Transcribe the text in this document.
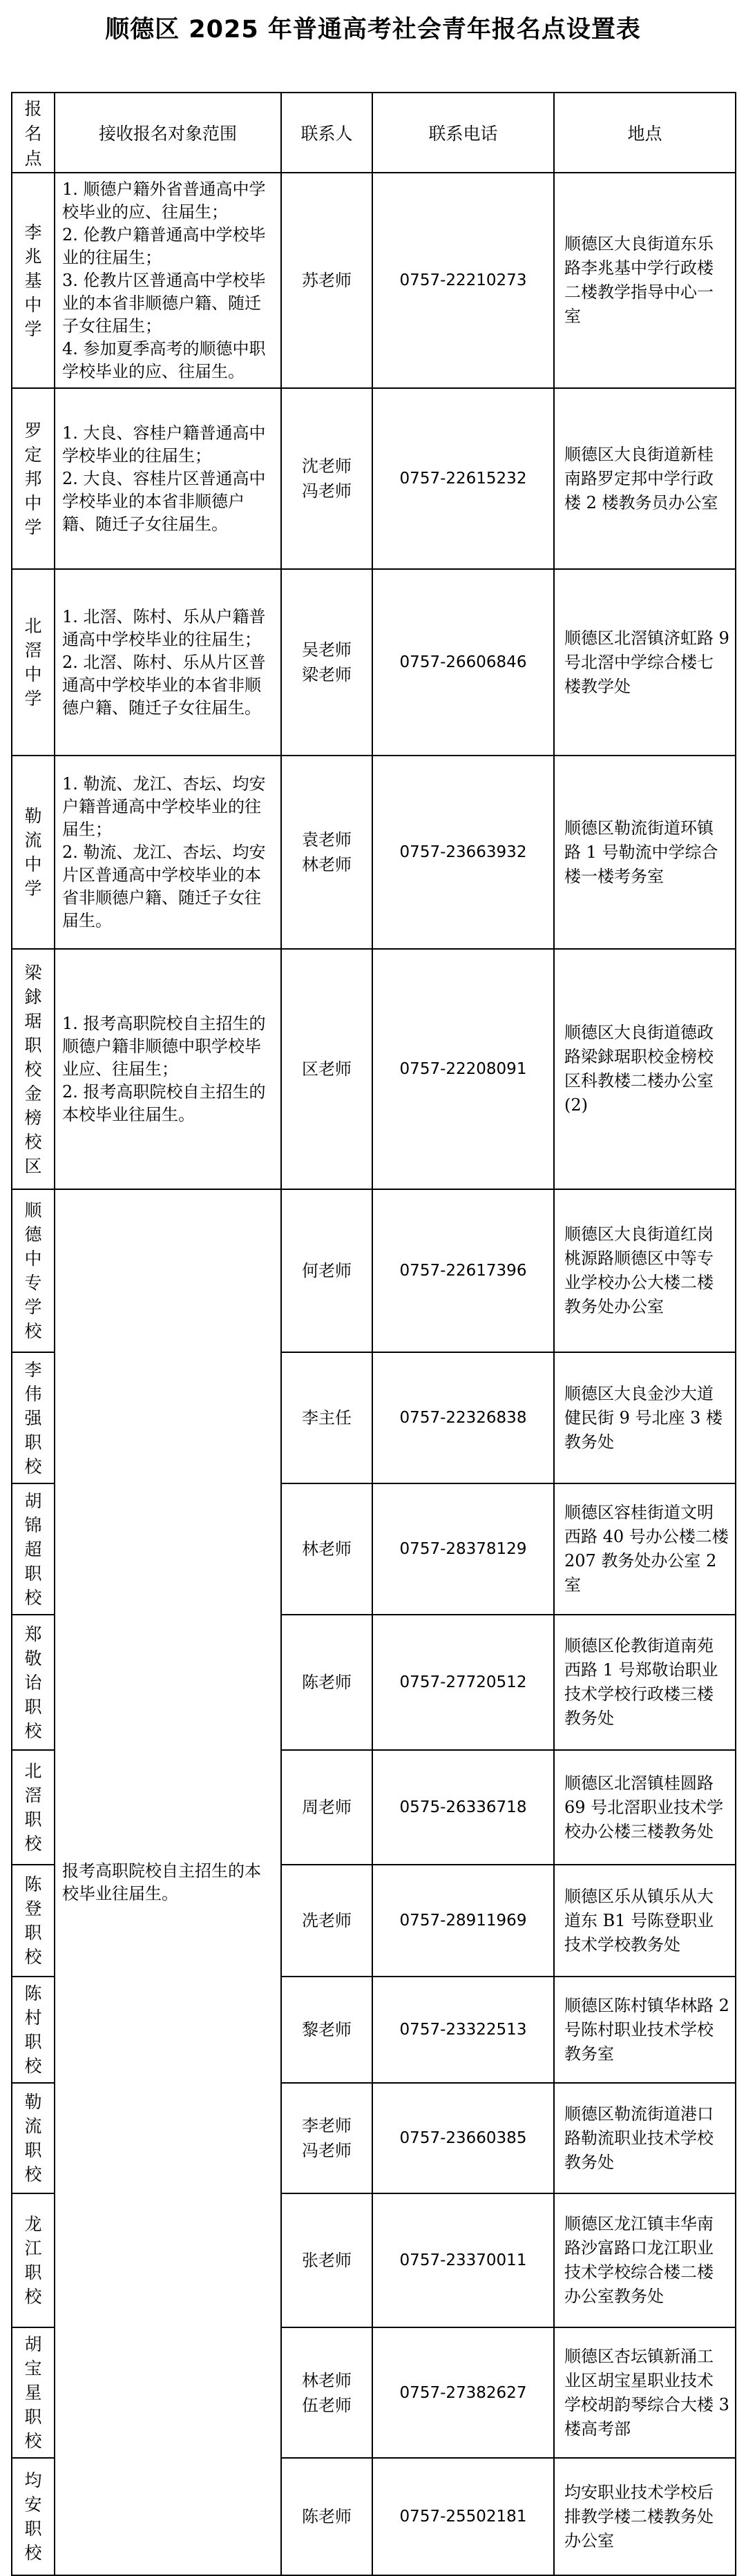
顺德区 2025 年普通高考社会青年报名点设置表
报名点	接收报名对象范围	联系人	联系电话	地点

李兆基中学	1. 顺德户籍外省普通高中学校毕业的应、往届生；
2. 伦教户籍普通高中学校毕业的往届生；
3. 伦教片区普通高中学校毕业的本省非顺德户籍、随迁子女往届生；
4. 参加夏季高考的顺德中职学校毕业的应、往届生。	苏老师	0757-22210273	顺德区大良街道东乐路李兆基中学行政楼二楼教学指导中心一室

罗定邦中学	1. 大良、容桂户籍普通高中学校毕业的往届生；
2. 大良、容桂片区普通高中学校毕业的本省非顺德户籍、随迁子女往届生。	沈老师
冯老师	0757-22615232	顺德区大良街道新桂南路罗定邦中学行政楼 2 楼教务员办公室

北滘中学	1. 北滘、陈村、乐从户籍普通高中学校毕业的往届生；
2. 北滘、陈村、乐从片区普通高中学校毕业的本省非顺德户籍、随迁子女往届生。	吴老师
梁老师	0757-26606846	顺德区北滘镇济虹路 9 号北滘中学综合楼七楼教学处

勒流中学	1. 勒流、龙江、杏坛、均安户籍普通高中学校毕业的往届生；
2. 勒流、龙江、杏坛、均安片区普通高中学校毕业的本省非顺德户籍、随迁子女往届生。	袁老师
林老师	0757-23663932	顺德区勒流街道环镇路 1 号勒流中学综合楼一楼考务室

梁銶琚职校金榜校区	1. 报考高职院校自主招生的顺德户籍非顺德中职学校毕业应、往届生；
2. 报考高职院校自主招生的本校毕业往届生。	区老师	0757-22208091	顺德区大良街道德政路梁銶琚职校金榜校区科教楼二楼办公室(2)

顺德中专学校	报考高职院校自主招生的本校毕业往届生。	何老师	0757-22617396	顺德区大良街道红岗桃源路顺德区中等专业学校办公大楼二楼教务处办公室

李伟强职校		李主任	0757-22326838	顺德区大良金沙大道健民街 9 号北座 3 楼教务处

胡锦超职校		林老师	0757-28378129	顺德区容桂街道文明西路 40 号办公楼二楼 207 教务处办公室 2 室

郑敬诒职校		陈老师	0757-27720512	顺德区伦教街道南苑西路 1 号郑敬诒职业技术学校行政楼三楼教务处

北滘职校		周老师	0575-26336718	顺德区北滘镇桂圆路 69 号北滘职业技术学校办公楼三楼教务处

陈登职校		冼老师	0757-28911969	顺德区乐从镇乐从大道东 B1 号陈登职业技术学校教务处

陈村职校		黎老师	0757-23322513	顺德区陈村镇华林路 2 号陈村职业技术学校教务室

勒流职校		李老师
冯老师	0757-23660385	顺德区勒流街道港口路勒流职业技术学校教务处

龙江职校		张老师	0757-23370011	顺德区龙江镇丰华南路沙富路口龙江职业技术学校综合楼二楼办公室教务处

胡宝星职校		林老师
伍老师	0757-27382627	顺德区杏坛镇新涌工业区胡宝星职业技术学校胡韵琴综合大楼 3 楼高考部

均安职校		陈老师	0757-25502181	均安职业技术学校后排教学楼二楼教务处办公室
